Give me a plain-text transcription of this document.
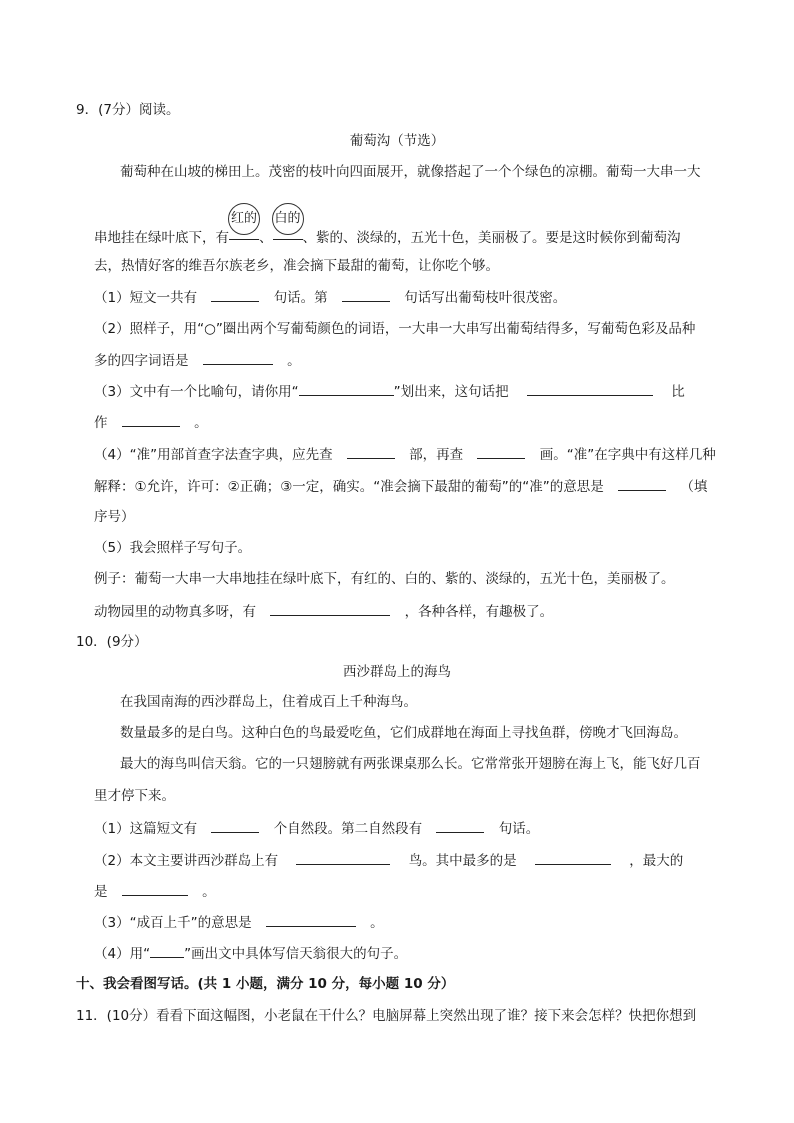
9．(7分）阅读。
葡萄沟（节选）
葡萄种在山坡的梯田上。茂密的枝叶向四面展开，就像搭起了一个个绿色的凉棚。葡萄一大串一大
串地挂在绿叶底下，有
红的
、
白的
、紫的、淡绿的，五光十色，美丽极了。要是这时候你到葡萄沟
去，热情好客的维吾尔族老乡，准会摘下最甜的葡萄，让你吃个够。
（1）短文一共有	句话。第	句话写出葡萄枝叶很茂密。
（2）照样子，用“○”圈出两个写葡萄颜色的词语，一大串一大串写出葡萄结得多，写葡萄色彩及品种
多的四字词语是	。
（3）文中有一个比喻句，请你用“	”划出来，这句话把	比
作	。
（4）“准”用部首查字法查字典，应先查	部，再查	画。“准”在字典中有这样几种
解释：①允许，许可：②正确；③一定，确实。“准会摘下最甜的葡萄”的“准”的意思是	（填
序号）
（5）我会照样子写句子。
例子：葡萄一大串一大串地挂在绿叶底下，有红的、白的、紫的、淡绿的，五光十色，美丽极了。
动物园里的动物真多呀，有	，各种各样，有趣极了。
10．(9分）
西沙群岛上的海鸟
在我国南海的西沙群岛上，住着成百上千种海鸟。
数量最多的是白鸟。这种白色的鸟最爱吃鱼，它们成群地在海面上寻找鱼群，傍晚才飞回海岛。
最大的海鸟叫信天翁。它的一只翅膀就有两张课桌那么长。它常常张开翅膀在海上飞，能飞好几百
里才停下来。
（1）这篇短文有	个自然段。第二自然段有	句话。
（2）本文主要讲西沙群岛上有	鸟。其中最多的是	，最大的
是	。
（3）“成百上千”的意思是	。
（4）用“	”画出文中具体写信天翁很大的句子。
十、我会看图写话。(共 1 小题，满分 10 分，每小题 10 分）
11．(10分）看看下面这幅图，小老鼠在干什么？电脑屏幕上突然出现了谁？接下来会怎样？快把你想到
